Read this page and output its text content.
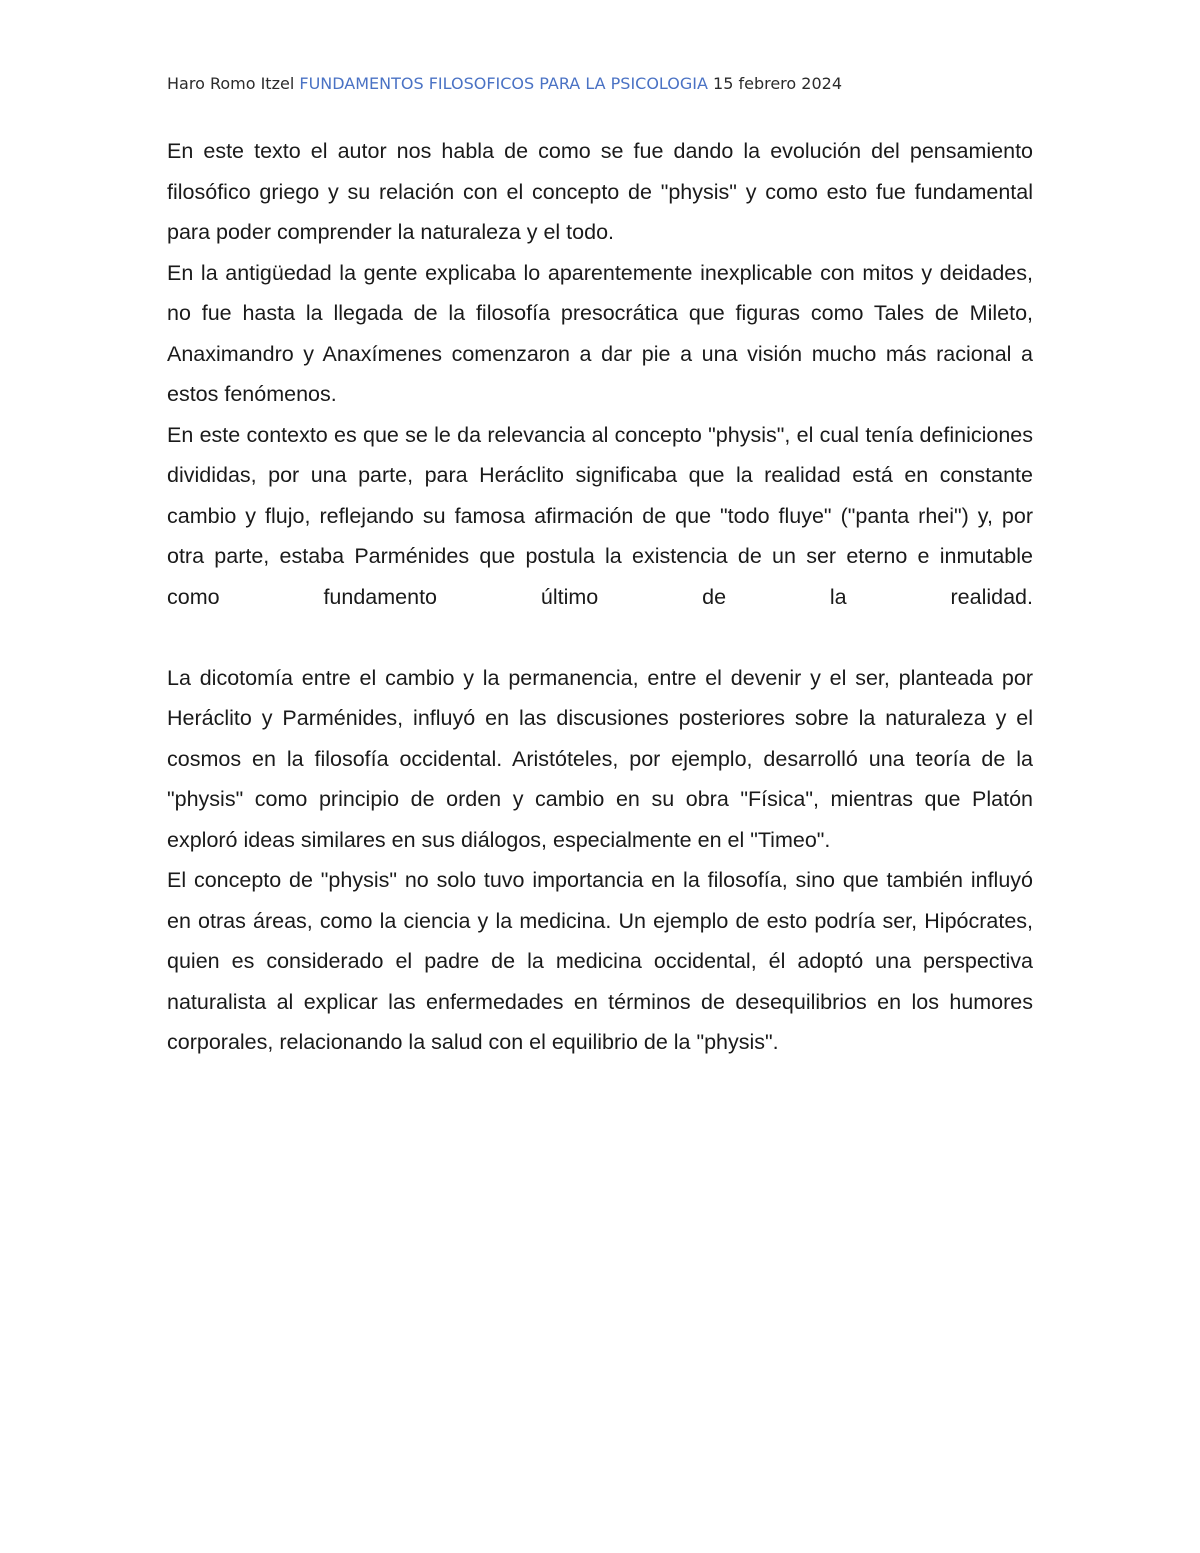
Haro Romo Itzel FUNDAMENTOS FILOSOFICOS PARA LA PSICOLOGIA 15 febrero 2024

En este texto el autor nos habla de como se fue dando la evolución del pensamiento filosófico griego y su relación con el concepto de "physis" y como esto fue fundamental para poder comprender la naturaleza y el todo.

En la antigüedad la gente explicaba lo aparentemente inexplicable con mitos y deidades, no fue hasta la llegada de la filosofía presocrática que figuras como Tales de Mileto, Anaximandro y Anaxímenes comenzaron a dar pie a una visión mucho más racional a estos fenómenos.

En este contexto es que se le da relevancia al concepto "physis", el cual tenía definiciones divididas, por una parte, para Heráclito significaba que la realidad está en constante cambio y flujo, reflejando su famosa afirmación de que "todo fluye" ("panta rhei") y, por otra parte, estaba Parménides que postula la existencia de un ser eterno e inmutable como fundamento último de la realidad.

La dicotomía entre el cambio y la permanencia, entre el devenir y el ser, planteada por Heráclito y Parménides, influyó en las discusiones posteriores sobre la naturaleza y el cosmos en la filosofía occidental. Aristóteles, por ejemplo, desarrolló una teoría de la "physis" como principio de orden y cambio en su obra "Física", mientras que Platón exploró ideas similares en sus diálogos, especialmente en el "Timeo".

El concepto de "physis" no solo tuvo importancia en la filosofía, sino que también influyó en otras áreas, como la ciencia y la medicina. Un ejemplo de esto podría ser, Hipócrates, quien es considerado el padre de la medicina occidental, él adoptó una perspectiva naturalista al explicar las enfermedades en términos de desequilibrios en los humores corporales, relacionando la salud con el equilibrio de la "physis".
